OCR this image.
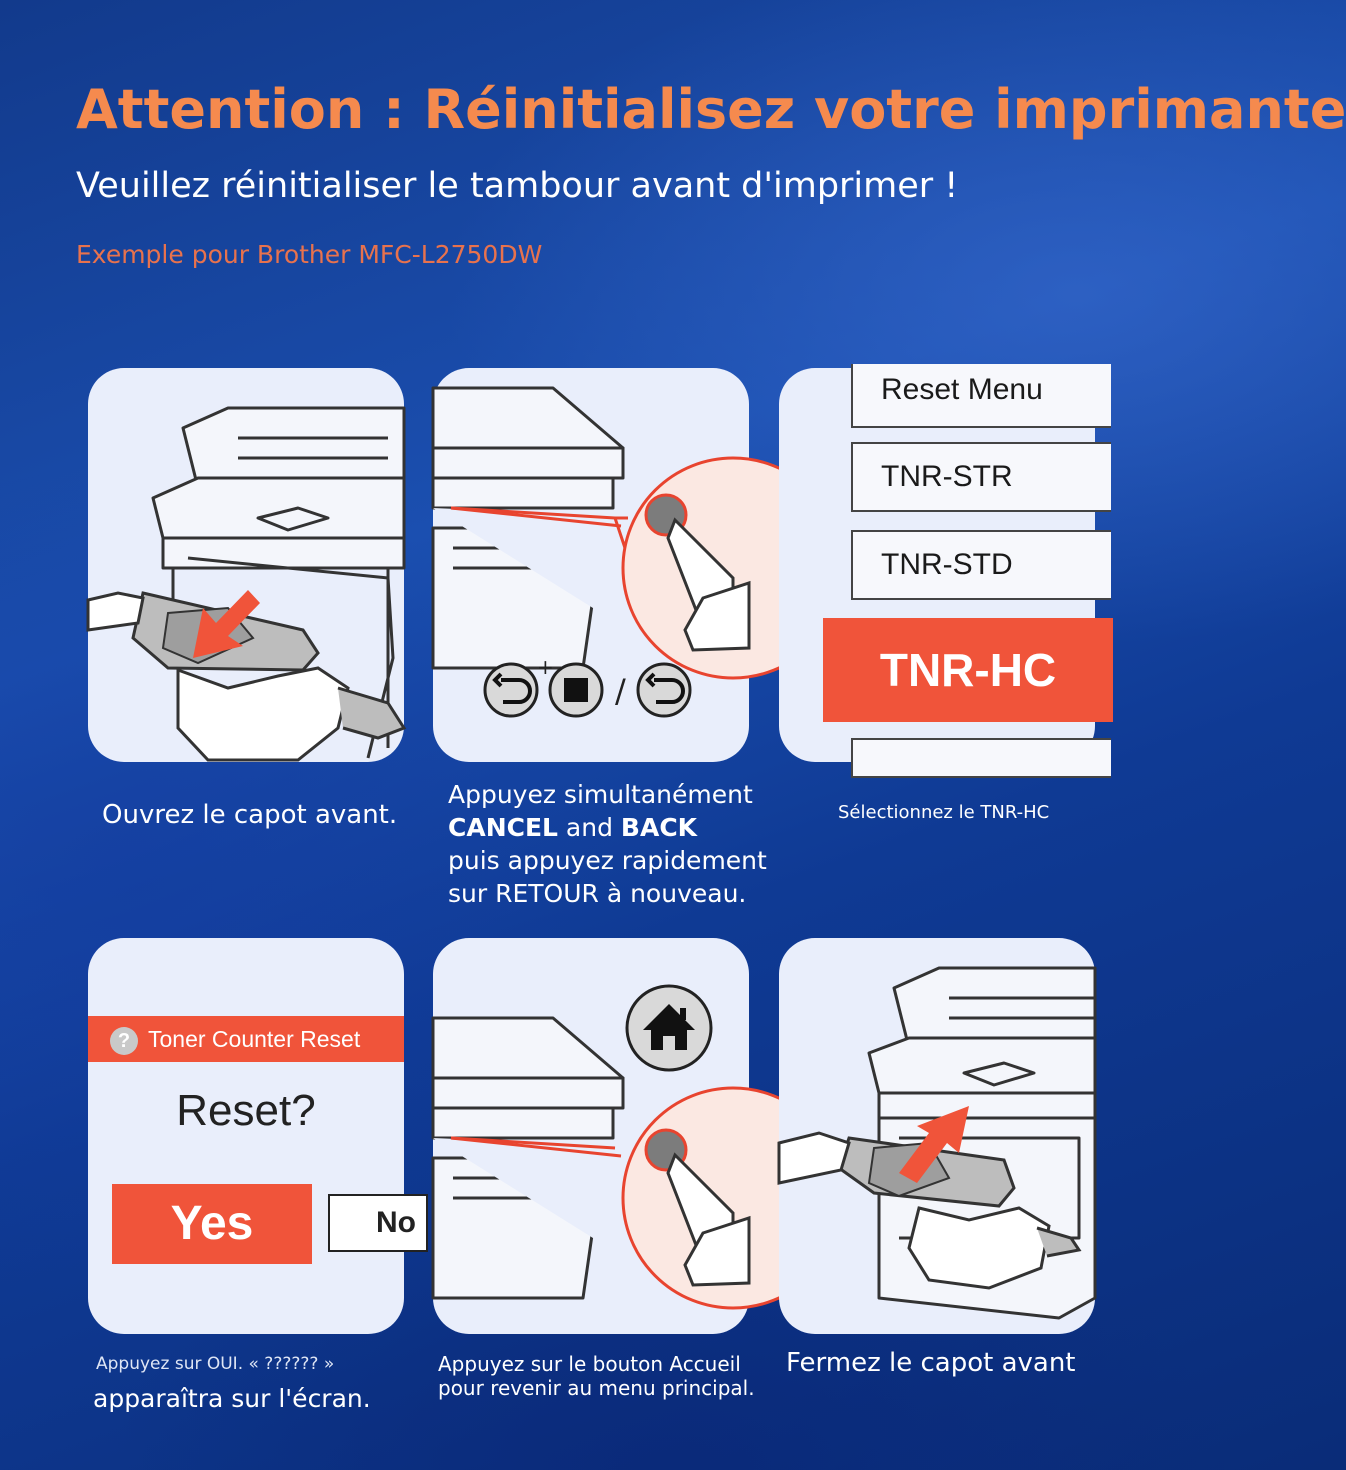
Attention : Réinitialisez votre imprimante

Veuillez réinitialiser le tambour avant d'imprimer !

Exemple pour Brother MFC-L2750DW

Ouvrez le capot avant.

+
/
Appuyez simultanément
CANCEL and BACK
puis appuyez rapidement
sur RETOUR à nouveau.
Reset Menu
TNR-STR
TNR-STD
TNR-HC

Sélectionnez le TNR-HC

? Toner Counter Reset
Reset?
Yes	No

Appuyez sur OUI. « ?????? »

apparaîtra sur l'écran.

Appuyez sur le bouton Accueil pour revenir au menu principal.

Fermez le capot avant
